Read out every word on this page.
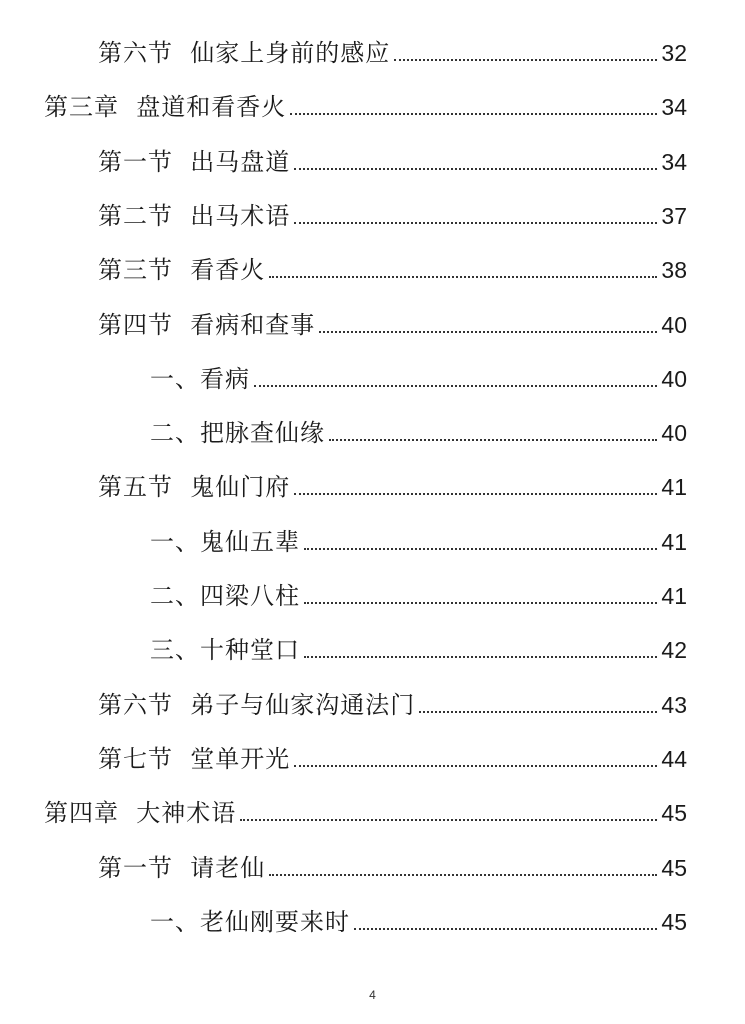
第六节  仙家上身前的感应	32
第三章  盘道和看香火	34
第一节  出马盘道	34
第二节  出马术语	37
第三节  看香火	38
第四节  看病和查事	40
一、看病	40
二、把脉查仙缘	40
第五节  鬼仙门府	41
一、鬼仙五辈	41
二、四梁八柱	41
三、十种堂口	42
第六节  弟子与仙家沟通法门	43
第七节  堂单开光	44
第四章  大神术语	45
第一节  请老仙	45
一、老仙刚要来时	45
4
